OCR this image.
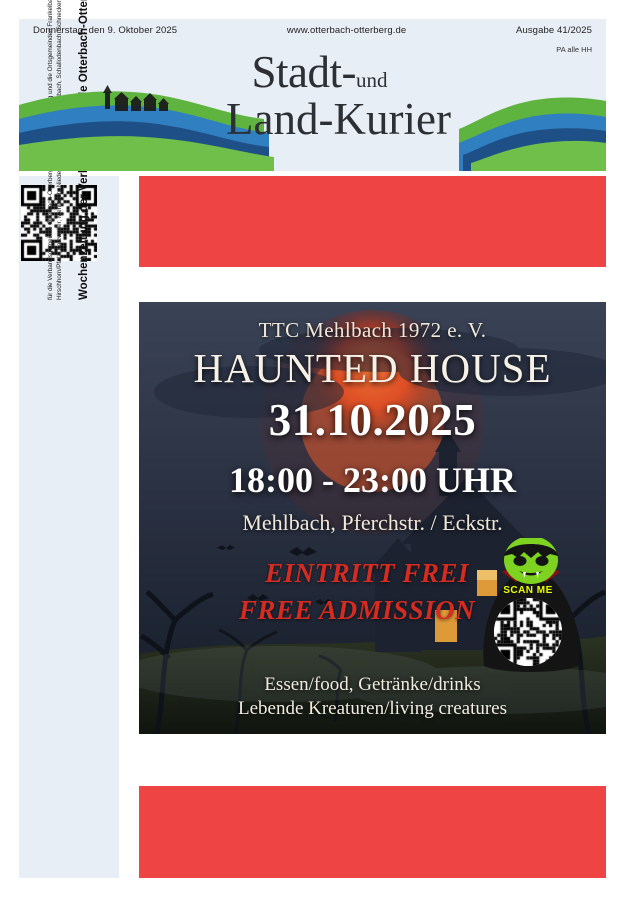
Donnerstag, den 9. Oktober 2025	www.otterbach-otterberg.de	Ausgabe 41/2025
PA alle HH
Stadt-und
Land-Kurier
TTC Mehlbach 1972 e. V.
HAUNTED HOUSE
31.10.2025
18:00 - 23:00 UHR
Mehlbach, Pferchstr. / Eckstr.
EINTRITT FREI
FREE ADMISSION
Essen/food, Getränke/drinks
Lebende Kreaturen/living creatures
SCAN ME
